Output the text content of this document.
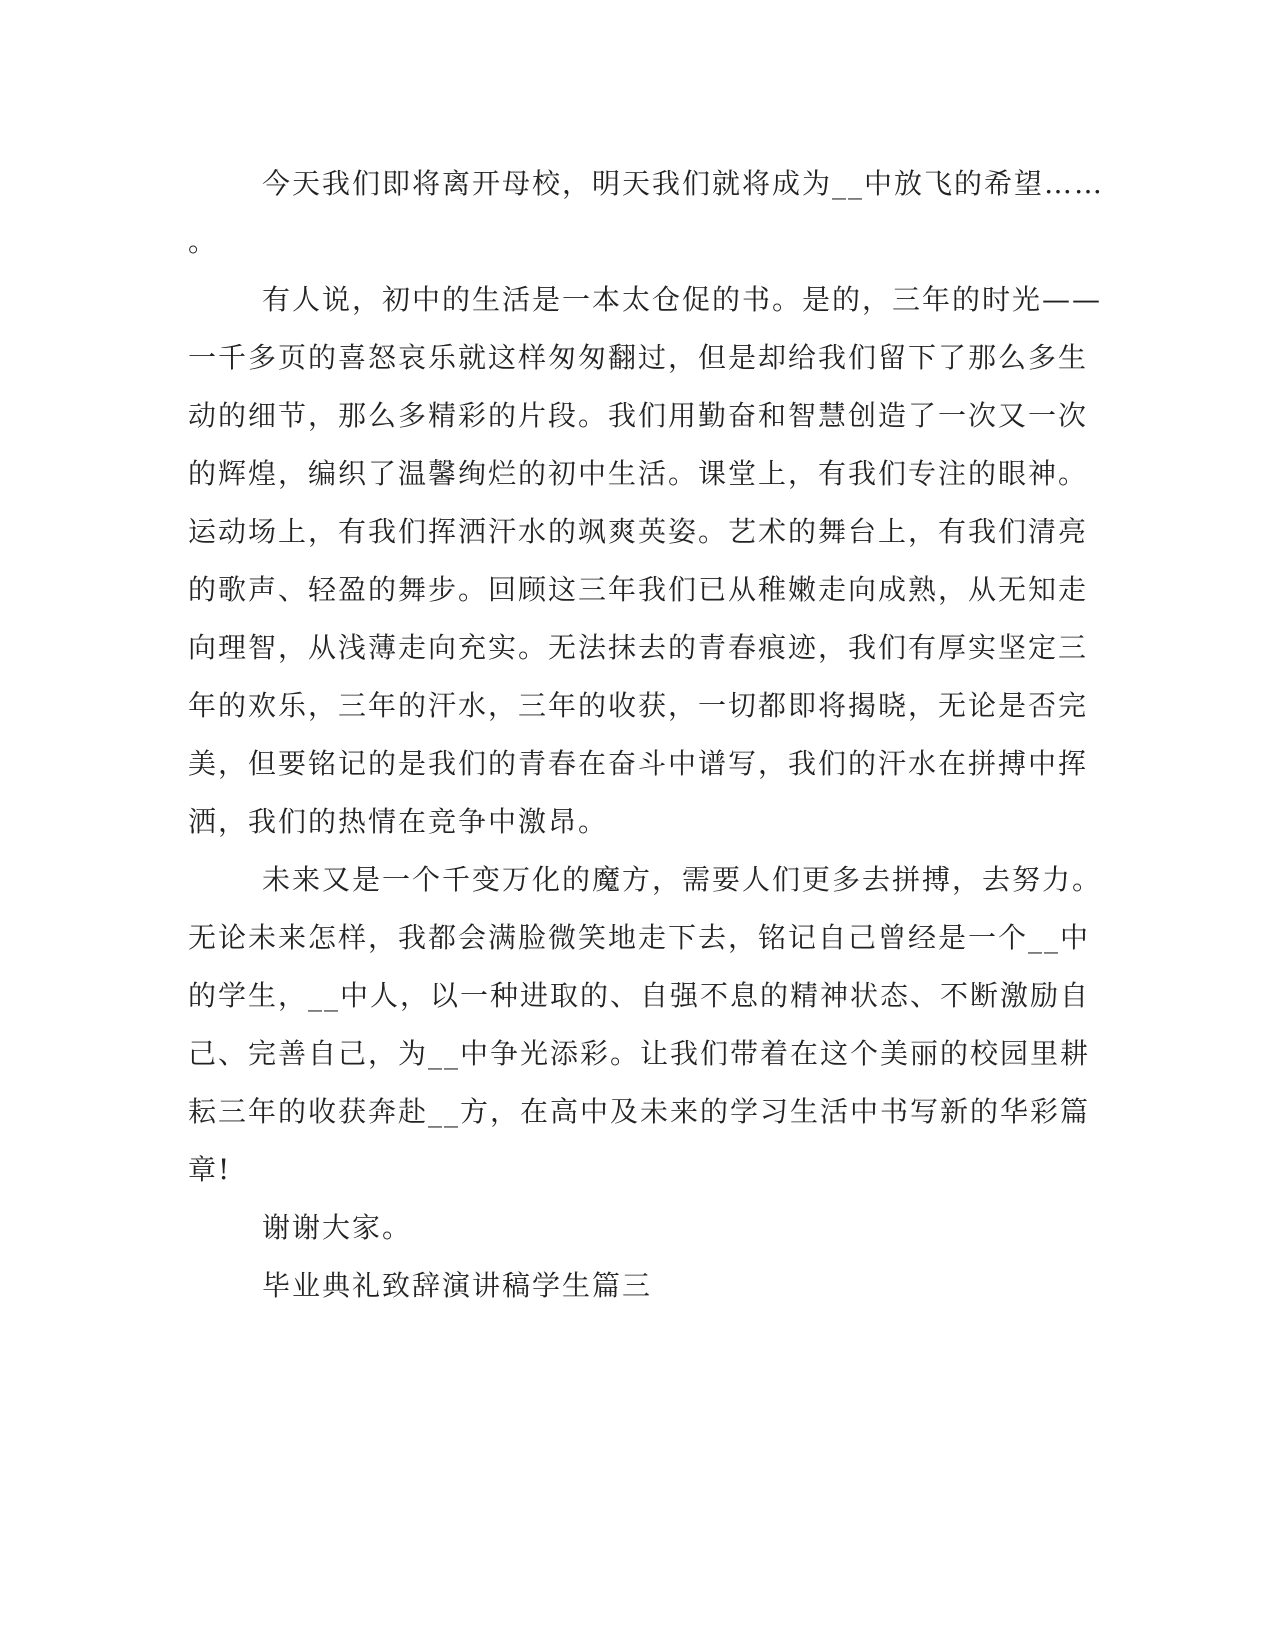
今天我们即将离开母校，明天我们就将成为__中放飞的希望……
。
有人说，初中的生活是一本太仓促的书。是的，三年的时光——
一千多页的喜怒哀乐就这样匆匆翻过，但是却给我们留下了那么多生
动的细节，那么多精彩的片段。我们用勤奋和智慧创造了一次又一次
的辉煌，编织了温馨绚烂的初中生活。课堂上，有我们专注的眼神。
运动场上，有我们挥洒汗水的飒爽英姿。艺术的舞台上，有我们清亮
的歌声、轻盈的舞步。回顾这三年我们已从稚嫩走向成熟，从无知走
向理智，从浅薄走向充实。无法抹去的青春痕迹，我们有厚实坚定三
年的欢乐，三年的汗水，三年的收获，一切都即将揭晓，无论是否完
美，但要铭记的是我们的青春在奋斗中谱写，我们的汗水在拼搏中挥
洒，我们的热情在竞争中激昂。
未来又是一个千变万化的魔方，需要人们更多去拼搏，去努力。
无论未来怎样，我都会满脸微笑地走下去，铭记自己曾经是一个__中
的学生，__中人，以一种进取的、自强不息的精神状态、不断激励自
己、完善自己，为__中争光添彩。让我们带着在这个美丽的校园里耕
耘三年的收获奔赴__方，在高中及未来的学习生活中书写新的华彩篇
章!
谢谢大家。
毕业典礼致辞演讲稿学生篇三
